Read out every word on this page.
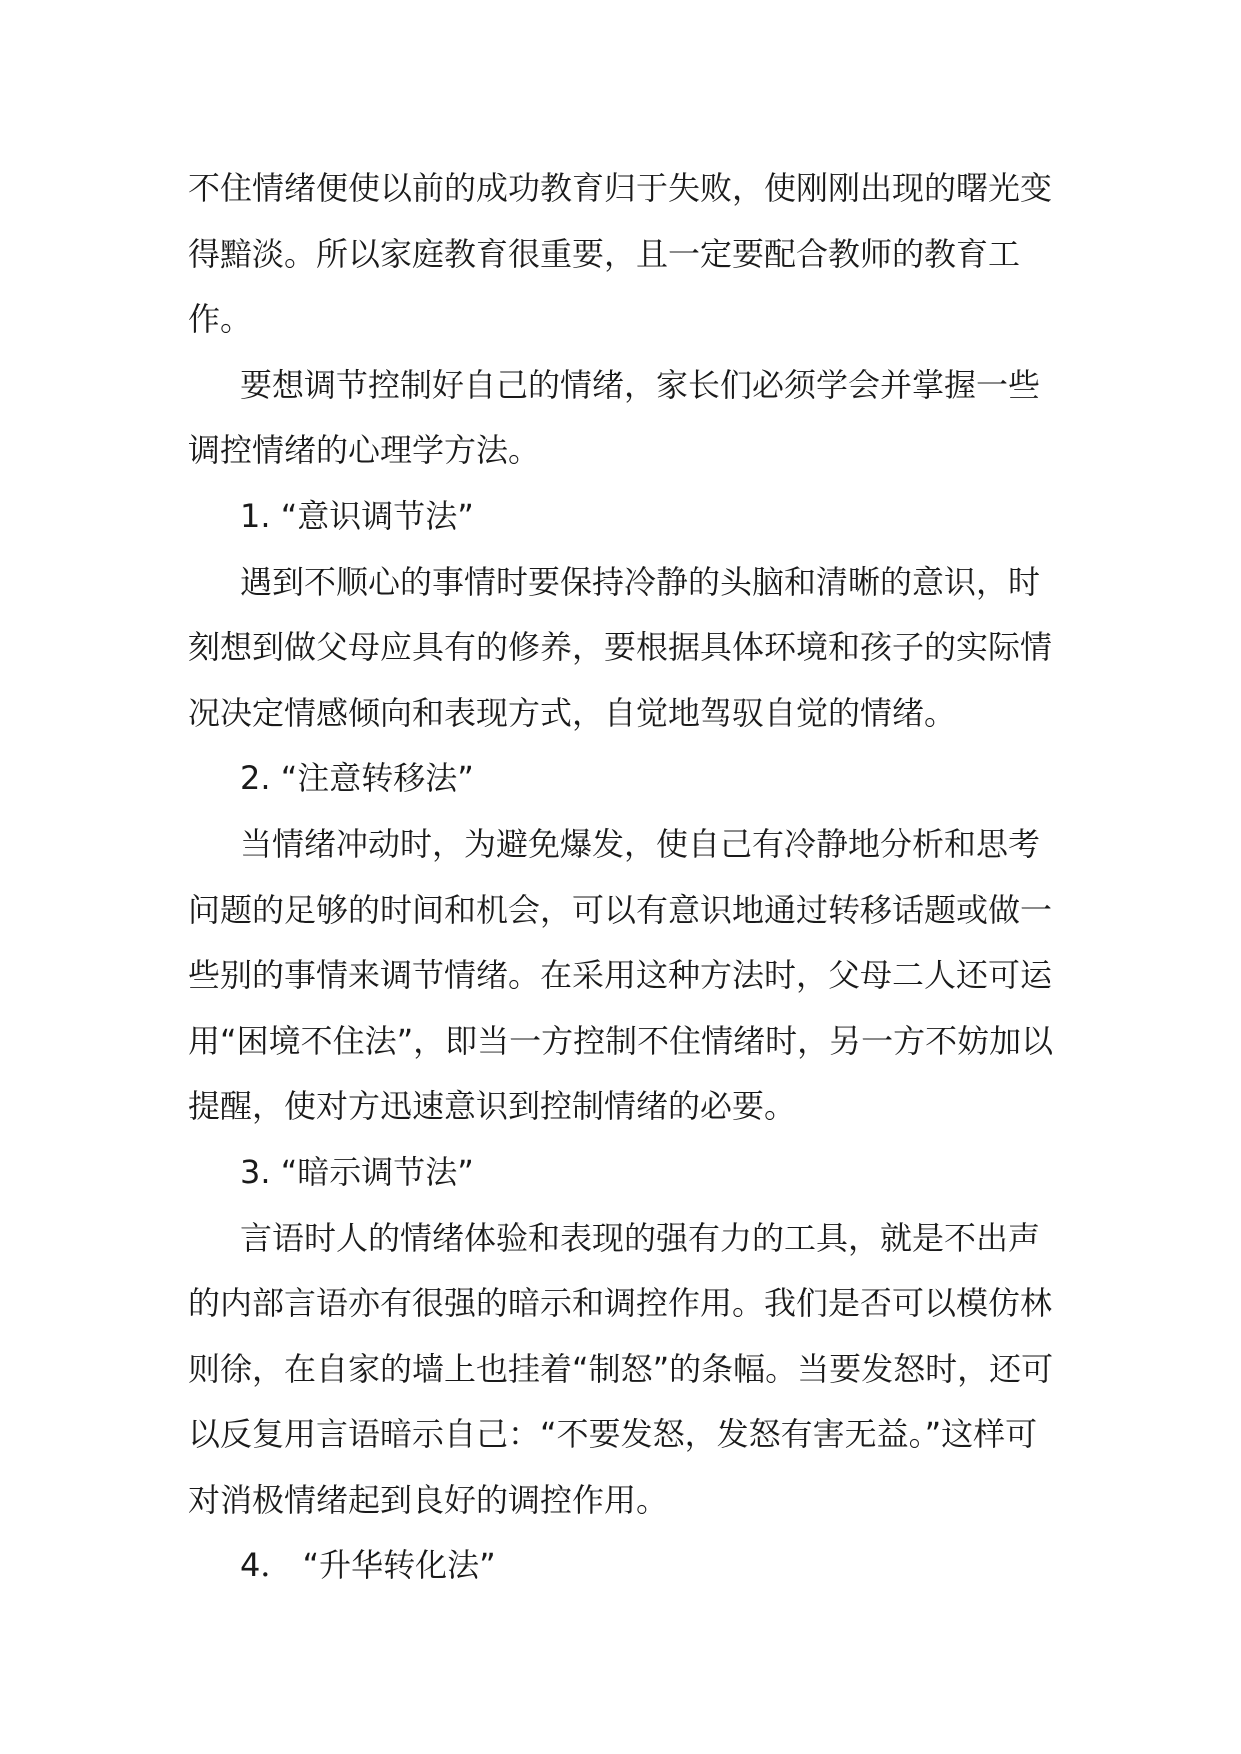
不住情绪便使以前的成功教育归于失败，使刚刚出现的曙光变得黯淡。所以家庭教育很重要，且一定要配合教师的教育工作。

要想调节控制好自己的情绪，家长们必须学会并掌握一些调控情绪的心理学方法。

1. “意识调节法”

遇到不顺心的事情时要保持冷静的头脑和清晰的意识，时刻想到做父母应具有的修养，要根据具体环境和孩子的实际情况决定情感倾向和表现方式，自觉地驾驭自觉的情绪。

2. “注意转移法”

当情绪冲动时，为避免爆发，使自己有冷静地分析和思考问题的足够的时间和机会，可以有意识地通过转移话题或做一些别的事情来调节情绪。在采用这种方法时，父母二人还可运用“困境不住法”，即当一方控制不住情绪时，另一方不妨加以提醒，使对方迅速意识到控制情绪的必要。

3. “暗示调节法”

言语时人的情绪体验和表现的强有力的工具，就是不出声的内部言语亦有很强的暗示和调控作用。我们是否可以模仿林则徐，在自家的墙上也挂着“制怒”的条幅。当要发怒时，还可以反复用言语暗示自己：“不要发怒，发怒有害无益。”这样可对消极情绪起到良好的调控作用。

4． “升华转化法”
